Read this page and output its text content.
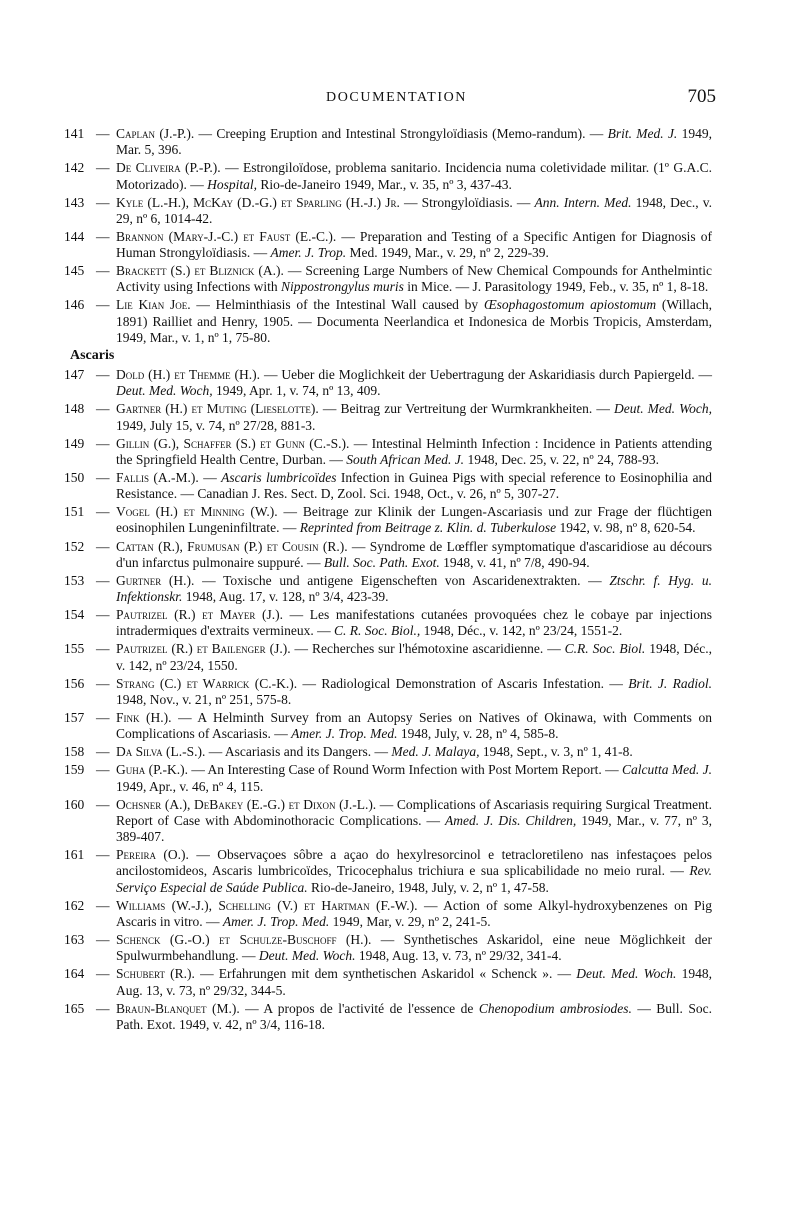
DOCUMENTATION	705
141 — Caplan (J.-P.). — Creeping Eruption and Intestinal Strongyloïdiasis (Memo-randum). — Brit. Med. J. 1949, Mar. 5, 396.
142 — De Cliveira (P.-P.). — Estrongiloïdose, problema sanitario. Incidencia numa coletividade militar. (1º G.A.C. Motorizado). — Hospital, Rio-de-Janeiro 1949, Mar., v. 35, nº 3, 437-43.
143 — Kyle (L.-H.), McKay (D.-G.) et Sparling (H.-J.) Jr. — Strongyloïdiasis. — Ann. Intern. Med. 1948, Dec., v. 29, nº 6, 1014-42.
144 — Brannon (Mary-J.-C.) et Faust (E.-C.). — Preparation and Testing of a Specific Antigen for Diagnosis of Human Strongyloïdiasis. — Amer. J. Trop. Med. 1949, Mar., v. 29, nº 2, 229-39.
145 — Brackett (S.) et Bliznick (A.). — Screening Large Numbers of New Chemical Compounds for Anthelmintic Activity using Infections with Nippostrongylus muris in Mice. — J. Parasitology 1949, Feb., v. 35, nº 1, 8-18.
146 — Lie Kian Joe. — Helminthiasis of the Intestinal Wall caused by Œsophagostomum apiostomum (Willach, 1891) Railliet and Henry, 1905. — Documenta Neerlandica et Indonesica de Morbis Tropicis, Amsterdam, 1949, Mar., v. 1, nº 1, 75-80.
Ascaris
147 — Dold (H.) et Themme (H.). — Ueber die Moglichkeit der Uebertragung der Askaridiasis durch Papiergeld. — Deut. Med. Woch, 1949, Apr. 1, v. 74, nº 13, 409.
148 — Gartner (H.) et Muting (Lieselotte). — Beitrag zur Vertreitung der Wurmkrankheiten. — Deut. Med. Woch, 1949, July 15, v. 74, nº 27/28, 881-3.
149 — Gillin (G.), Schaffer (S.) et Gunn (C.-S.). — Intestinal Helminth Infection : Incidence in Patients attending the Springfield Health Centre, Durban. — South African Med. J. 1948, Dec. 25, v. 22, nº 24, 788-93.
150 — Fallis (A.-M.). — Ascaris lumbricoïdes Infection in Guinea Pigs with special reference to Eosinophilia and Resistance. — Canadian J. Res. Sect. D, Zool. Sci. 1948, Oct., v. 26, nº 5, 307-27.
151 — Vogel (H.) et Minning (W.). — Beitrage zur Klinik der Lungen-Ascariasis und zur Frage der flüchtigen eosinophilen Lungeninfiltrate. — Reprinted from Beitrage z. Klin. d. Tuberkulose 1942, v. 98, nº 8, 620-54.
152 — Cattan (R.), Frumusan (P.) et Cousin (R.). — Syndrome de Lœffler symptomatique d'ascaridiose au décours d'un infarctus pulmonaire suppuré. — Bull. Soc. Path. Exot. 1948, v. 41, nº 7/8, 490-94.
153 — Gurtner (H.). — Toxische und antigene Eigenscheften von Ascaridenextrakten. — Ztschr. f. Hyg. u. Infektionskr. 1948, Aug. 17, v. 128, nº 3/4, 423-39.
154 — Pautrizel (R.) et Mayer (J.). — Les manifestations cutanées provoquées chez le cobaye par injections intradermiques d'extraits vermineux. — C. R. Soc. Biol., 1948, Déc., v. 142, nº 23/24, 1551-2.
155 — Pautrizel (R.) et Bailenger (J.). — Recherches sur l'hémotoxine ascaridienne. — C.R. Soc. Biol. 1948, Déc., v. 142, nº 23/24, 1550.
156 — Strang (C.) et Warrick (C.-K.). — Radiological Demonstration of Ascaris Infestation. — Brit. J. Radiol. 1948, Nov., v. 21, nº 251, 575-8.
157 — Fink (H.). — A Helminth Survey from an Autopsy Series on Natives of Okinawa, with Comments on Complications of Ascariasis. — Amer. J. Trop. Med. 1948, July, v. 28, nº 4, 585-8.
158 — Da Silva (L.-S.). — Ascariasis and its Dangers. — Med. J. Malaya, 1948, Sept., v. 3, nº 1, 41-8.
159 — Guha (P.-K.). — An Interesting Case of Round Worm Infection with Post Mortem Report. — Calcutta Med. J. 1949, Apr., v. 46, nº 4, 115.
160 — Ochsner (A.), DeBakey (E.-G.) et Dixon (J.-L.). — Complications of Ascariasis requiring Surgical Treatment. Report of Case with Abdominothoracic Complications. — Amed. J. Dis. Children, 1949, Mar., v. 77, nº 3, 389-407.
161 — Pereira (O.). — Observaçoes sôbre a açao do hexylresorcinol e tetracloretileno nas infestaçoes pelos ancilostomideos, Ascaris lumbricoïdes, Tricocephalus trichiura e sua splicabilidade no meio rural. — Rev. Serviço Especial de Saúde Publica. Rio-de-Janeiro, 1948, July, v. 2, nº 1, 47-58.
162 — Williams (W.-J.), Schelling (V.) et Hartman (F.-W.). — Action of some Alkyl-hydroxybenzenes on Pig Ascaris in vitro. — Amer. J. Trop. Med. 1949, Mar, v. 29, nº 2, 241-5.
163 — Schenck (G.-O.) et Schulze-Buschoff (H.). — Synthetisches Askaridol, eine neue Möglichkeit der Spulwurmbehandlung. — Deut. Med. Woch. 1948, Aug. 13, v. 73, nº 29/32, 341-4.
164 — Schubert (R.). — Erfahrungen mit dem synthetischen Askaridol « Schenck ». — Deut. Med. Woch. 1948, Aug. 13, v. 73, nº 29/32, 344-5.
165 — Braun-Blanquet (M.). — A propos de l'activité de l'essence de Chenopodium ambrosiodes. — Bull. Soc. Path. Exot. 1949, v. 42, nº 3/4, 116-18.
